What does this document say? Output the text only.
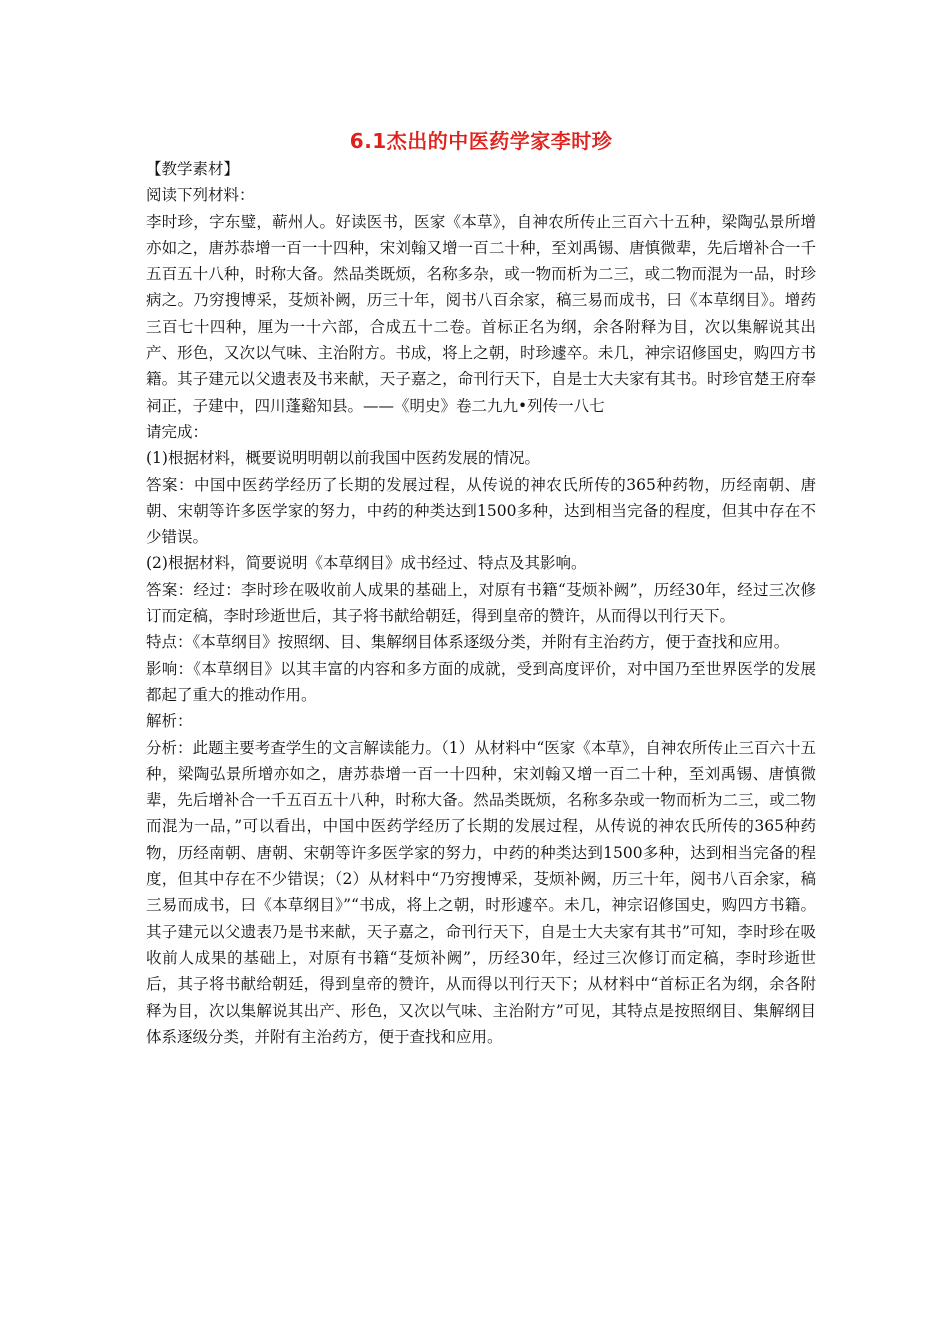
6.1杰出的中医药学家李时珍

【教学素材】

阅读下列材料：

李时珍，字东璧，蕲州人。好读医书，医家《本草》，自神农所传止三百六十五种，梁陶弘景所增亦如之，唐苏恭增一百一十四种，宋刘翰又增一百二十种，至刘禹锡、唐慎微辈，先后增补合一千五百五十八种，时称大备。然品类既烦，名称多杂，或一物而析为二三，或二物而混为一品，时珍病之。乃穷搜博采，芟烦补阙，历三十年，阅书八百余家，稿三易而成书，曰《本草纲目》。增药三百七十四种，厘为一十六部，合成五十二卷。首标正名为纲，余各附释为目，次以集解说其出产、形色，又次以气味、主治附方。书成，将上之朝，时珍遽卒。未几，神宗诏修国史，购四方书籍。其子建元以父遗表及书来献，天子嘉之，命刊行天下，自是士大夫家有其书。时珍官楚王府奉祠正，子建中，四川蓬谿知县。——《明史》卷二九九•列传一八七

请完成：

(1)根据材料，概要说明明朝以前我国中医药发展的情况。

答案：中国中医药学经历了长期的发展过程，从传说的神农氏所传的365种药物，历经南朝、唐朝、宋朝等许多医学家的努力，中药的种类达到1500多种，达到相当完备的程度，但其中存在不少错误。

(2)根据材料，简要说明《本草纲目》成书经过、特点及其影响。

答案：经过：李时珍在吸收前人成果的基础上，对原有书籍“芟烦补阙”，历经30年，经过三次修订而定稿，李时珍逝世后，其子将书献给朝廷，得到皇帝的赞许，从而得以刊行天下。

特点：《本草纲目》按照纲、目、集解纲目体系逐级分类，并附有主治药方，便于查找和应用。

影响：《本草纲目》以其丰富的内容和多方面的成就，受到高度评价，对中国乃至世界医学的发展都起了重大的推动作用。

解析：

分析：此题主要考查学生的文言解读能力。（1）从材料中“医家《本草》，自神农所传止三百六十五种，梁陶弘景所增亦如之，唐苏恭增一百一十四种，宋刘翰又增一百二十种，至刘禹锡、唐慎微辈，先后增补合一千五百五十八种，时称大备。然品类既烦，名称多杂或一物而析为二三，或二物而混为一品，”可以看出，中国中医药学经历了长期的发展过程，从传说的神农氏所传的365种药物，历经南朝、唐朝、宋朝等许多医学家的努力，中药的种类达到1500多种，达到相当完备的程度，但其中存在不少错误；（2）从材料中“乃穷搜博采，芟烦补阙，历三十年，阅书八百余家，稿三易而成书，曰《本草纲目》”“书成，将上之朝，时形遽卒。未几，神宗诏修国史，购四方书籍。其子建元以父遗表乃是书来献，天子嘉之，命刊行天下，自是士大夫家有其书”可知，李时珍在吸收前人成果的基础上，对原有书籍“芟烦补阙”，历经30年，经过三次修订而定稿，李时珍逝世后，其子将书献给朝廷，得到皇帝的赞许，从而得以刊行天下；从材料中“首标正名为纲，余各附释为目，次以集解说其出产、形色，又次以气味、主治附方”可见，其特点是按照纲目、集解纲目体系逐级分类，并附有主治药方，便于查找和应用。
